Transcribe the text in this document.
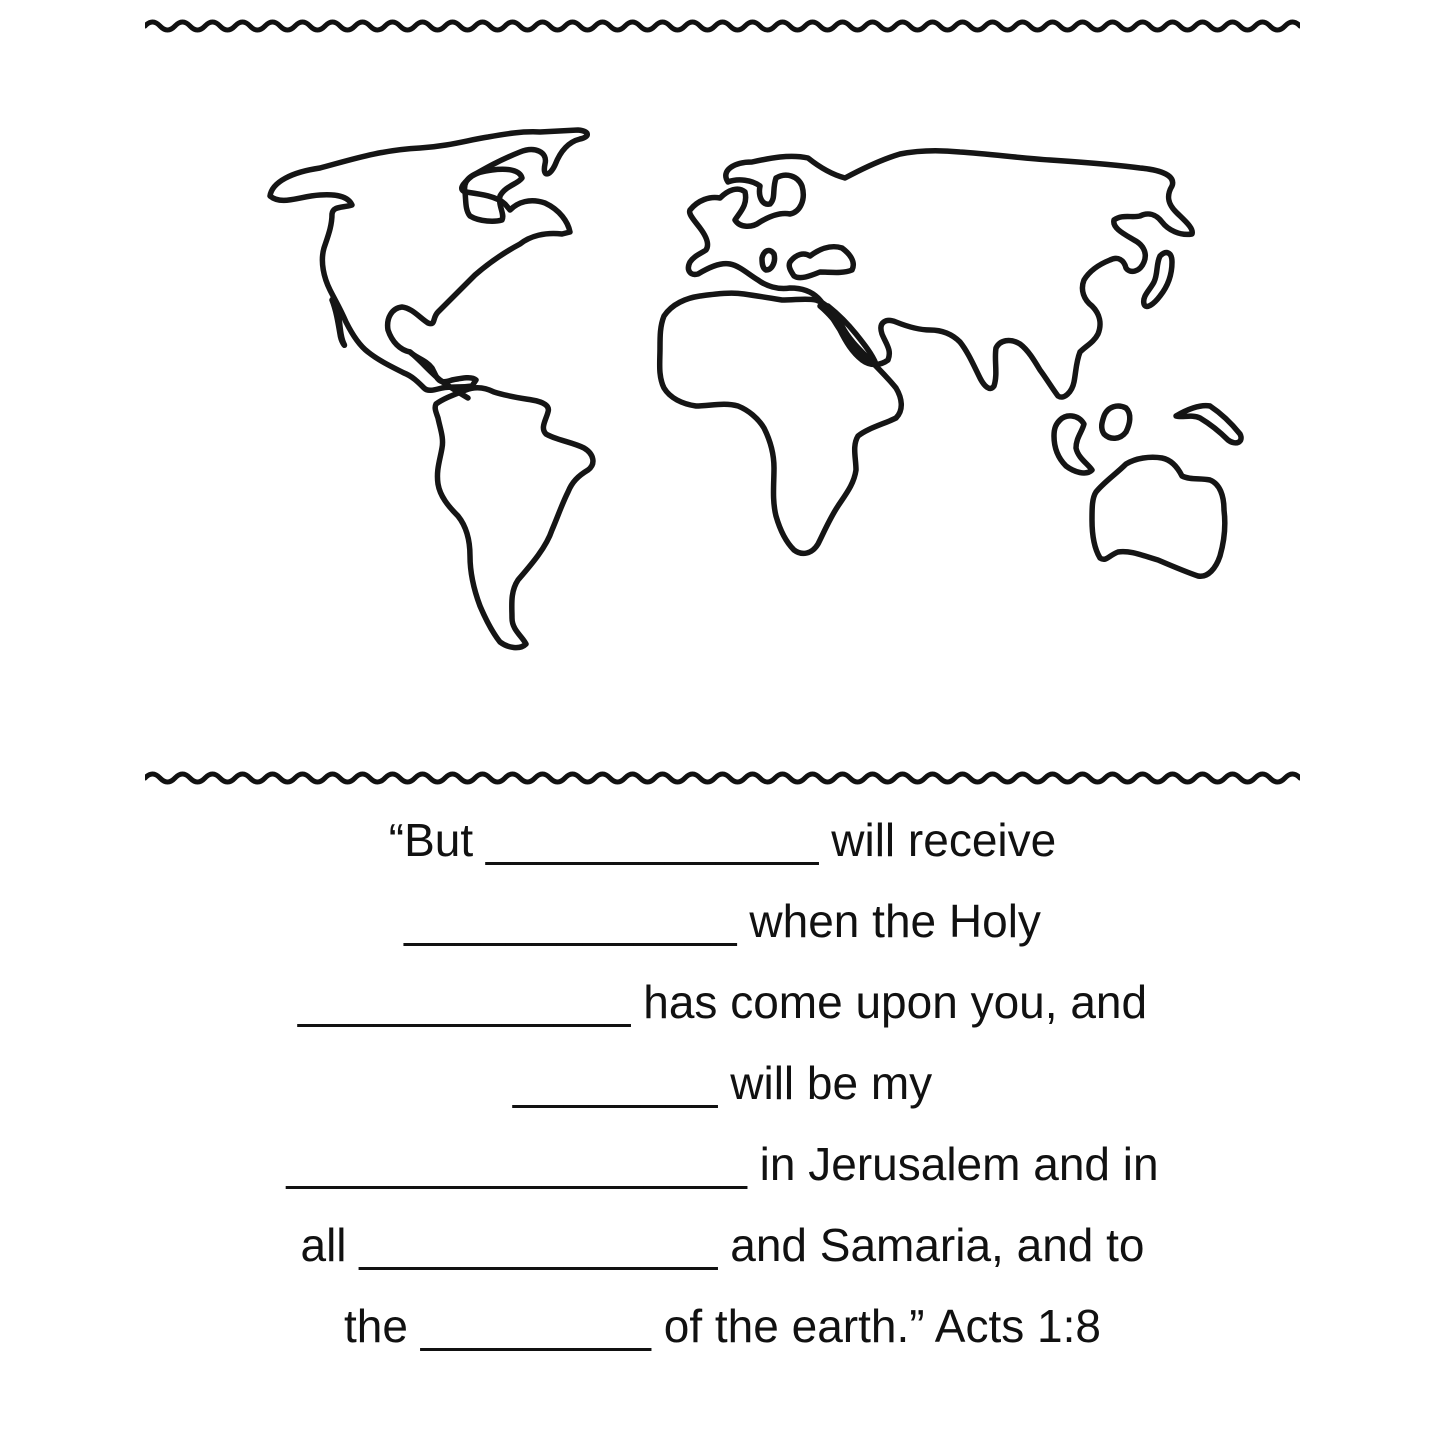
“But _____________ will receive
_____________ when the Holy
_____________ has come upon you, and
________ will be my
__________________ in Jerusalem and in
all ______________ and Samaria, and to
the _________ of the earth.” Acts 1:8
